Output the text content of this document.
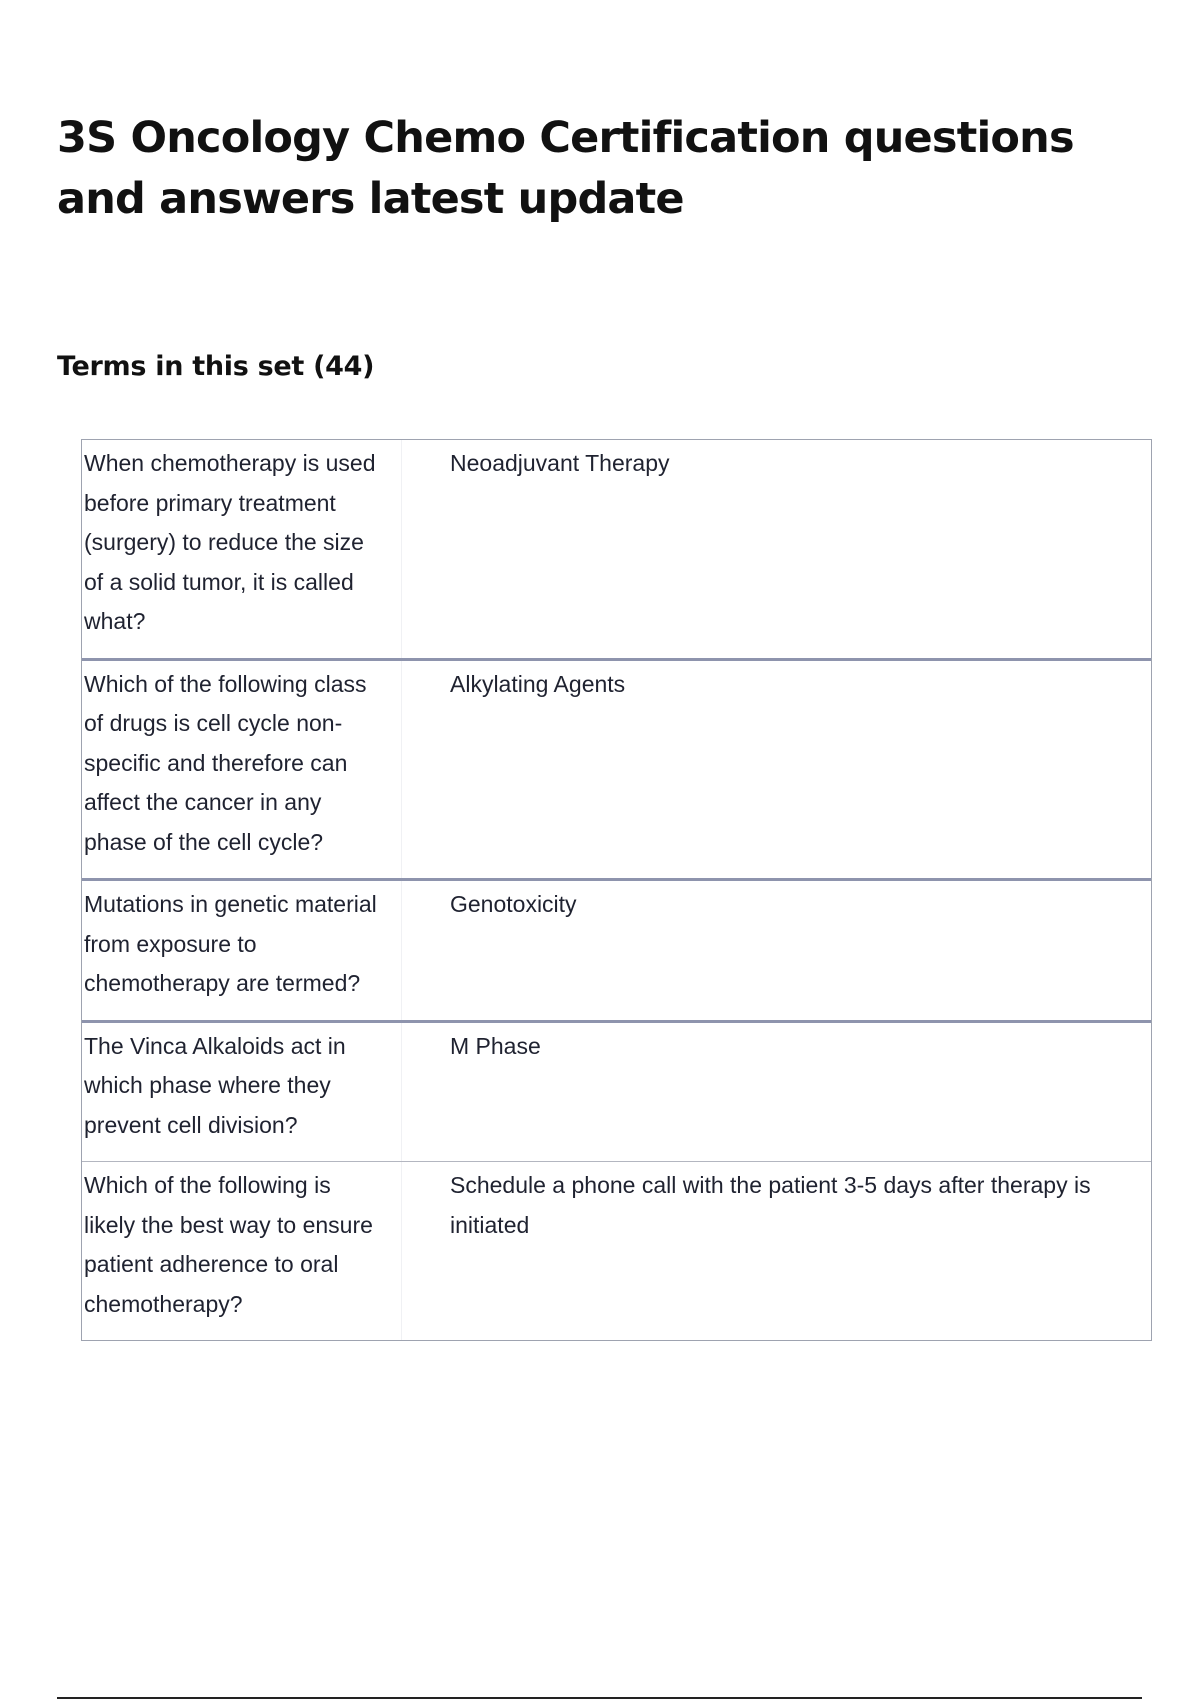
3S Oncology Chemo Certification questions and answers latest update
Terms in this set (44)
When chemotherapy is used before primary treatment (surgery) to reduce the size of a solid tumor, it is called what?
Neoadjuvant Therapy
Which of the following class of drugs is cell cycle non-specific and therefore can affect the cancer in any phase of the cell cycle?
Alkylating Agents
Mutations in genetic material from exposure to chemotherapy are termed?
Genotoxicity
The Vinca Alkaloids act in which phase where they prevent cell division?
M Phase
Which of the following is likely the best way to ensure patient adherence to oral chemotherapy?
Schedule a phone call with the patient 3-5 days after therapy is initiated
